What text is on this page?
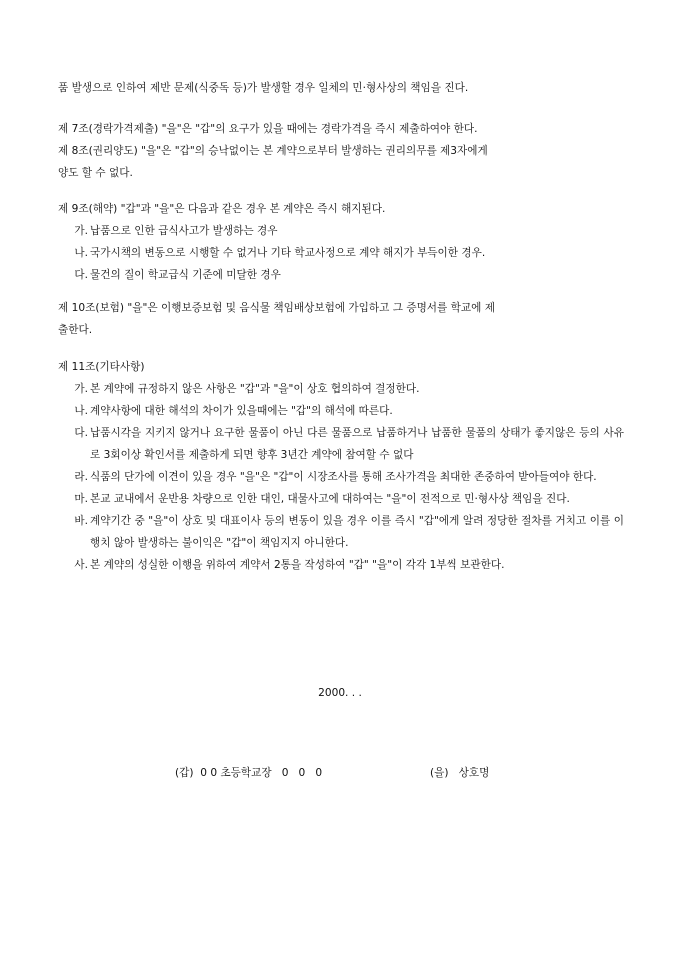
품 발생으로 인하여 제반 문제(식중독 등)가 발생할 경우 일체의 민·형사상의 책임을 진다.

제 7조(경락가격제출) "을"은 "갑"의 요구가 있을 때에는 경락가격을 즉시 제출하여야 한다.

제 8조(권리양도) "을"은 "갑"의 승낙없이는 본 계약으로부터 발생하는 권리의무를 제3자에게

양도 할 수 없다.

제 9조(해약) "갑"과 "을"은 다음과 같은 경우 본 계약은 즉시 해지된다.

가. 납품으로 인한 급식사고가 발생하는 경우
나. 국가시책의 변동으로 시행할 수 없거나 기타 학교사정으로 계약 해지가 부득이한 경우.
다. 물건의 질이 학교급식 기준에 미달한 경우

제 10조(보험) "을"은 이행보증보험 및 음식물 책임배상보험에 가입하고 그 증명서를 학교에 제

출한다.

제 11조(기타사항)

가. 본 계약에 규정하지 않은 사항은 "갑"과 "을"이 상호 협의하여 결정한다.
나. 계약사항에 대한 해석의 차이가 있을때에는 "갑"의 해석에 따른다.
다. 납품시각을 지키지 않거나 요구한 물품이 아닌 다른 물품으로 납품하거나 납품한 물품의 상태가 좋지않은 등의 사유로 3회이상 확인서를 제출하게 되면 향후 3년간 계약에 참여할 수 없다
라. 식품의 단가에 이견이 있을 경우 "을"은 "갑"이 시장조사를 통해 조사가격을 최대한 존중하여 받아들여야 한다.
마. 본교 교내에서 운반용 차량으로 인한 대인, 대물사고에 대하여는 "을"이 전적으로 민·형사상 책임을 진다.
바. 계약기간 중 "을"이 상호 및 대표이사 등의 변동이 있을 경우 이를 즉시 "갑"에게 알려 정당한 절차를 거치고 이를 이행치 않아 발생하는 불이익은 "갑"이 책임지지 아니한다.
사. 본 계약의 성실한 이행을 위하여 계약서 2통을 작성하여 "갑" "을"이 각각 1부씩 보관한다.
2000. . .
(갑)  0 0 초등학교장   0   0   0	(을)   상호명
